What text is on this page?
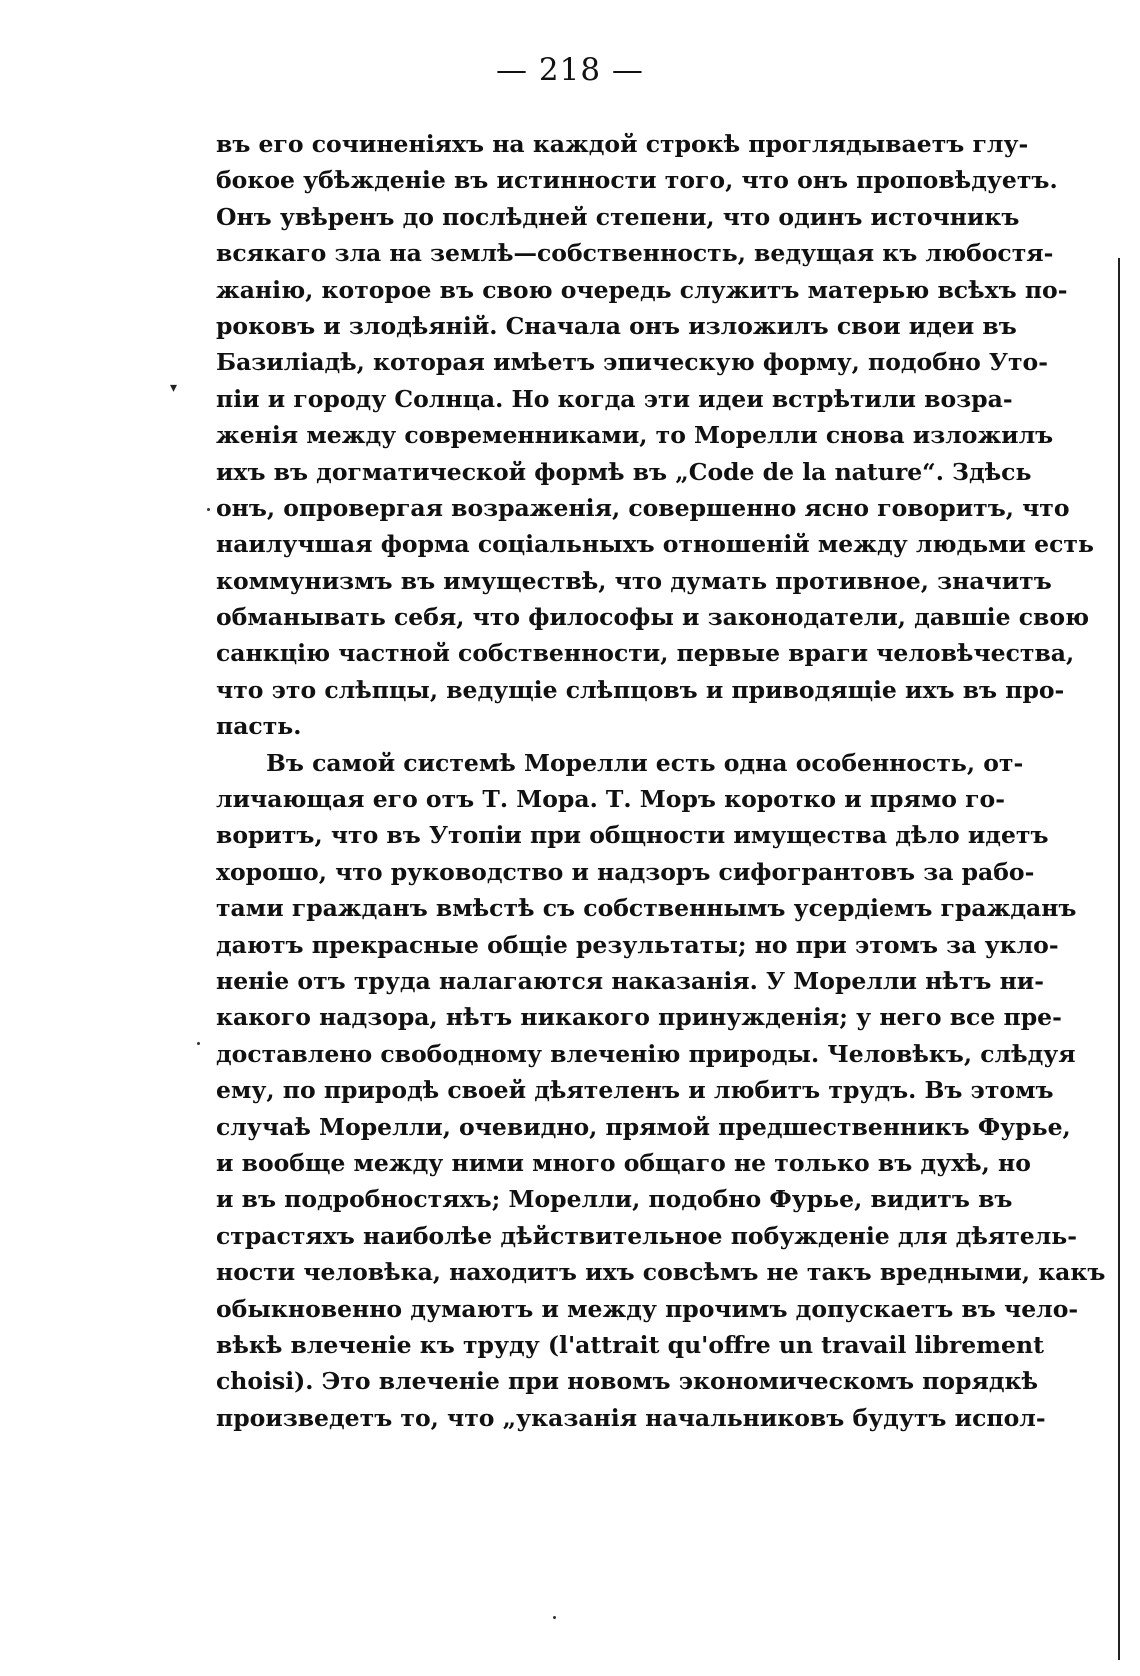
— 218 —
▾
въ его сочиненіяхъ на каждой строкѣ проглядываетъ глу-
бокое убѣжденіе въ истинности того, что онъ проповѣдуетъ.
Онъ увѣренъ до послѣдней степени, что одинъ источникъ
всякаго зла на землѣ—собственность, ведущая къ любостя-
жанію, которое въ свою очередь служитъ матерью всѣхъ по-
роковъ и злодѣяній. Сначала онъ изложилъ свои идеи въ
Базиліадѣ, которая имѣетъ эпическую форму, подобно Уто-
піи и городу Солнца. Но когда эти идеи встрѣтили возра-
женія между современниками, то Морелли снова изложилъ
ихъ въ догматической формѣ въ „Code de la nature“. Здѣсь
онъ, опровергая возраженія, совершенно ясно говоритъ, что
наилучшая форма соціальныхъ отношеній между людьми есть
коммунизмъ въ имуществѣ, что думать противное, значитъ
обманывать себя, что философы и законодатели, давшіе свою
санкцію частной собственности, первые враги человѣчества,
что это слѣпцы, ведущіе слѣпцовъ и приводящіе ихъ въ про-
пасть.
Въ самой системѣ Морелли есть одна особенность, от-
личающая его отъ Т. Мора. Т. Моръ коротко и прямо го-
воритъ, что въ Утопіи при общности имущества дѣло идетъ
хорошо, что руководство и надзоръ сифогрантовъ за рабо-
тами гражданъ вмѣстѣ съ собственнымъ усердіемъ гражданъ
даютъ прекрасные общіе результаты; но при этомъ за укло-
неніе отъ труда налагаются наказанія. У Морелли нѣтъ ни-
какого надзора, нѣтъ никакого принужденія; у него все пре-
доставлено свободному влеченію природы. Человѣкъ, слѣдуя
ему, по природѣ своей дѣятеленъ и любитъ трудъ. Въ этомъ
случаѣ Морелли, очевидно, прямой предшественникъ Фурье,
и вообще между ними много общаго не только въ духѣ, но
и въ подробностяхъ; Морелли, подобно Фурье, видитъ въ
страстяхъ наиболѣе дѣйствительное побужденіе для дѣятель-
ности человѣка, находитъ ихъ совсѣмъ не такъ вредными, какъ
обыкновенно думаютъ и между прочимъ допускаетъ въ чело-
вѣкѣ влеченіе къ труду (l'attrait qu'offre un travail librement
choisi). Это влеченіе при новомъ экономическомъ порядкѣ
произведетъ то, что „указанія начальниковъ будутъ испол-
